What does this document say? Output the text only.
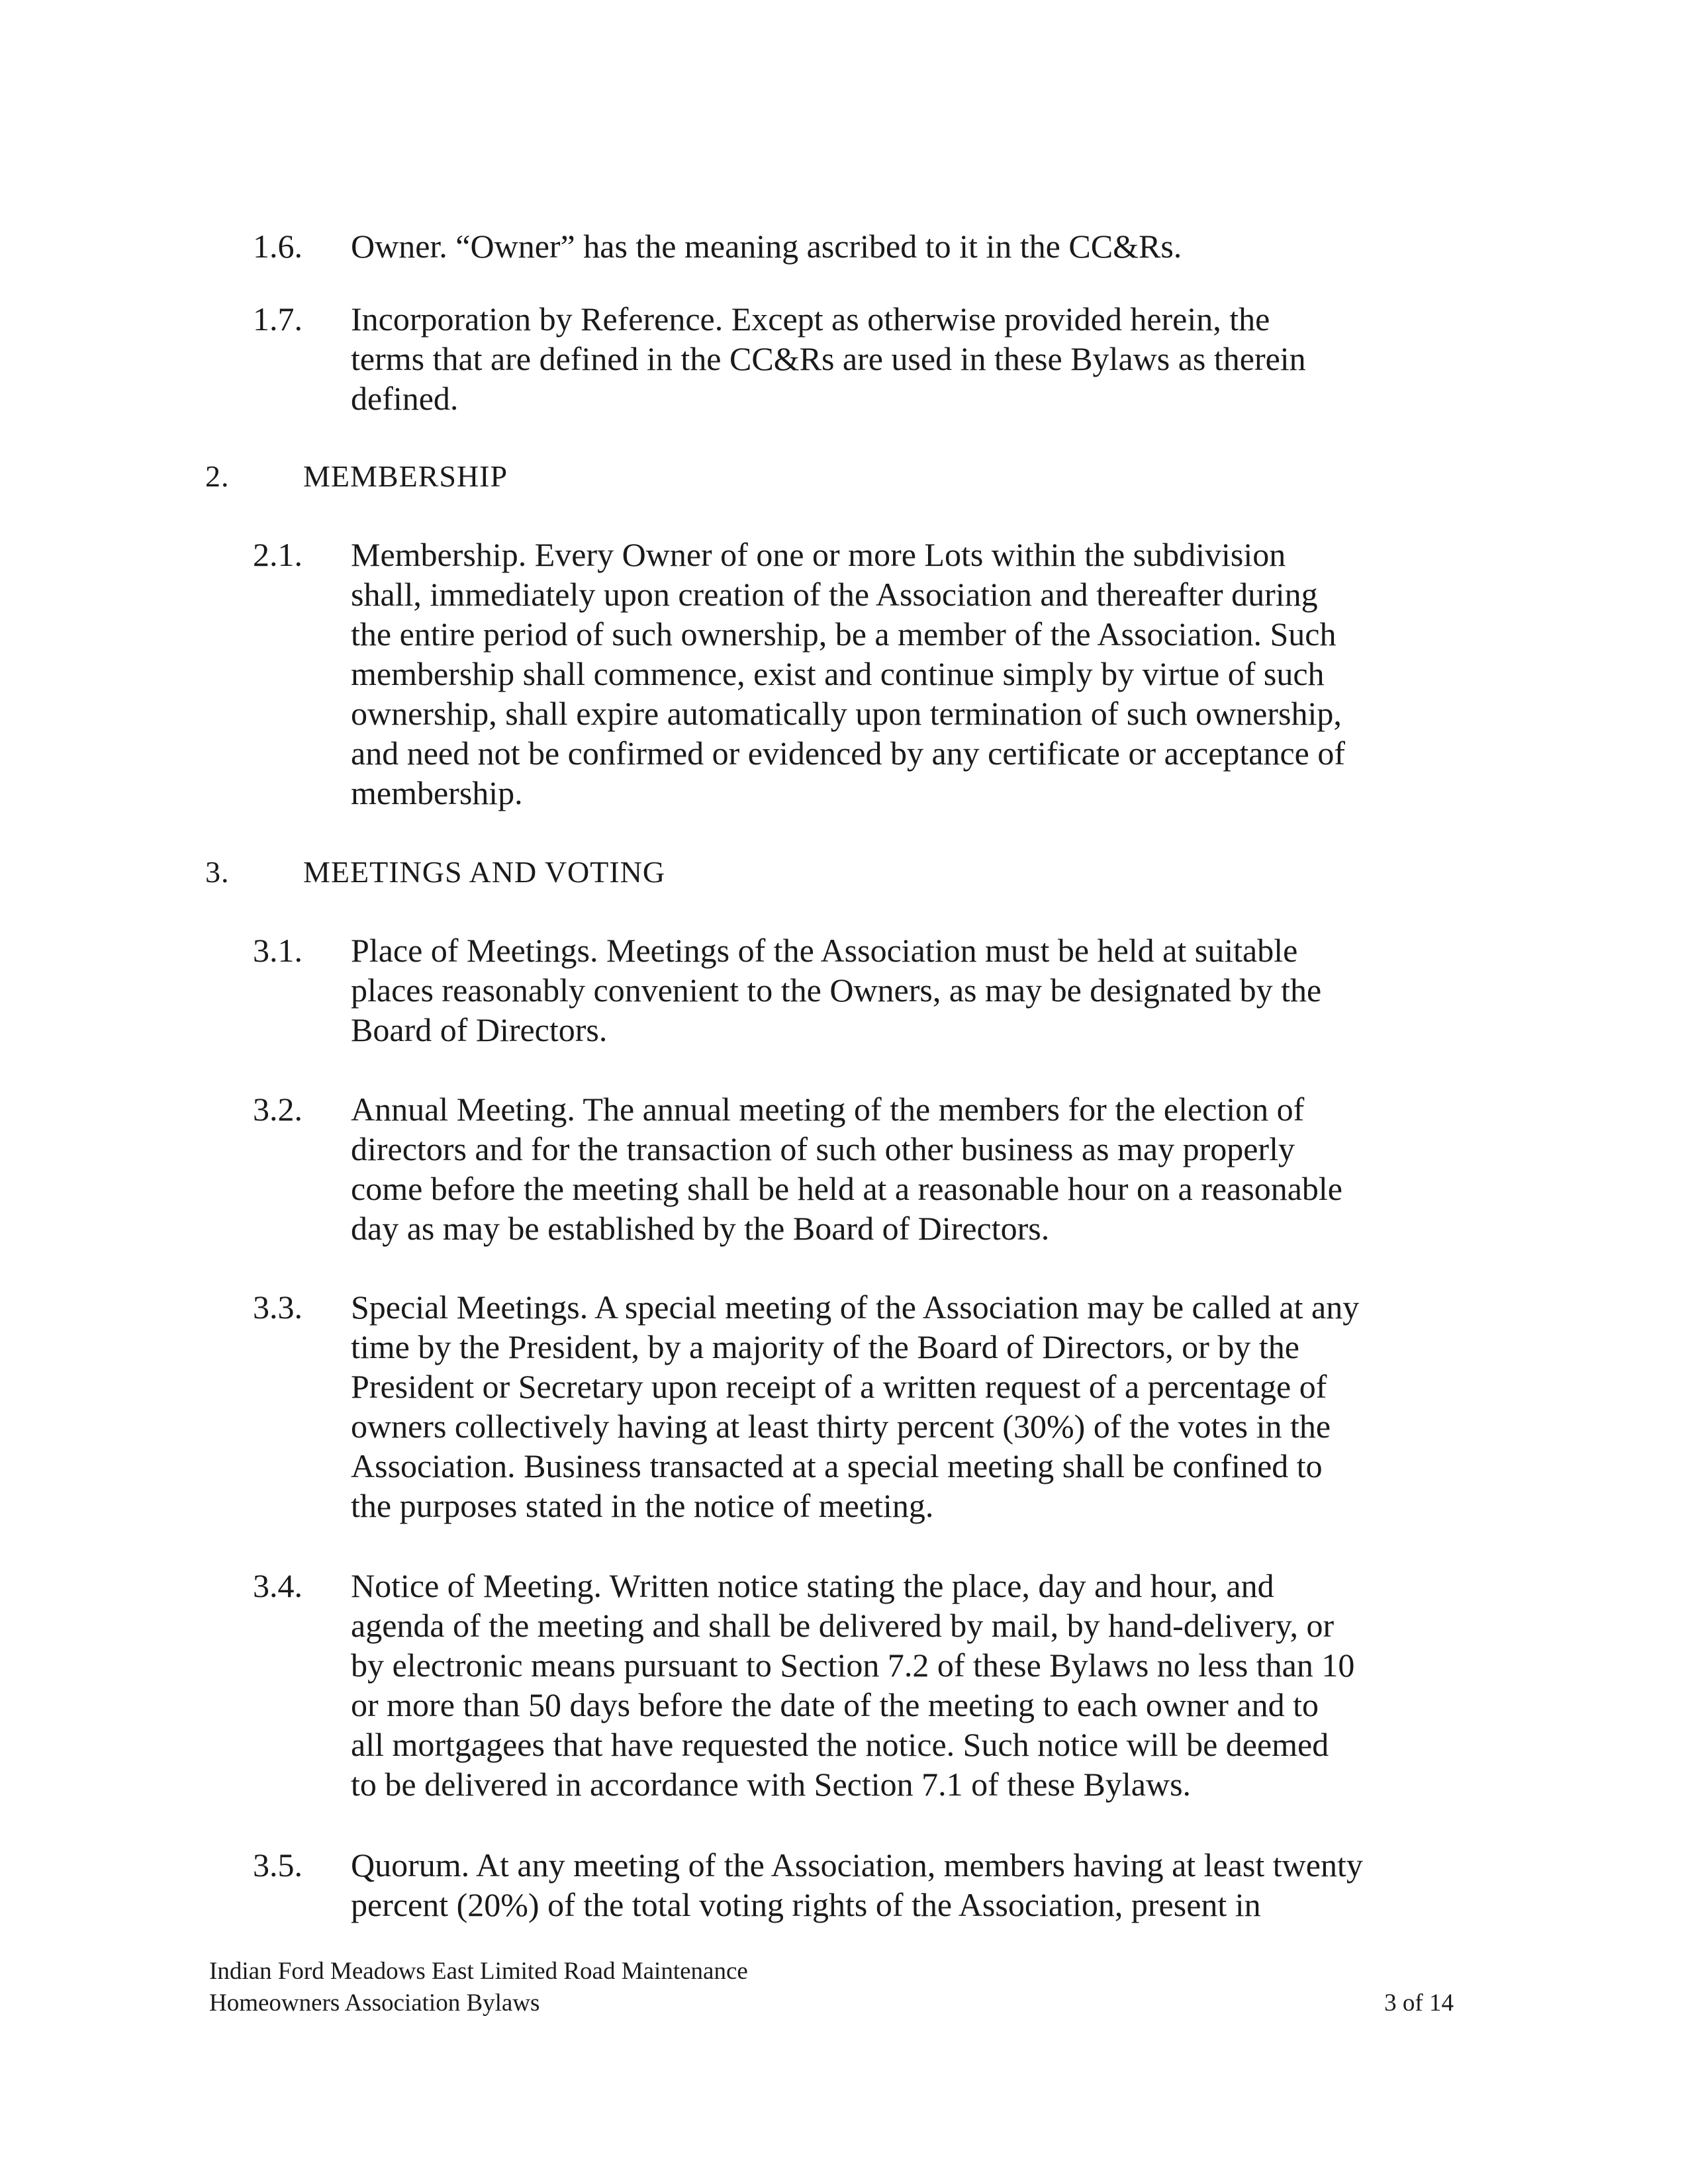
1.6. Owner. “Owner” has the meaning ascribed to it in the CC&Rs.

1.7. Incorporation by Reference. Except as otherwise provided herein, the

terms that are defined in the CC&Rs are used in these Bylaws as therein

defined.

2. MEMBERSHIP
2.1. Membership. Every Owner of one or more Lots within the subdivision

shall, immediately upon creation of the Association and thereafter during

the entire period of such ownership, be a member of the Association. Such

membership shall commence, exist and continue simply by virtue of such

ownership, shall expire automatically upon termination of such ownership,

and need not be confirmed or evidenced by any certificate or acceptance of

membership.

3. MEETINGS AND VOTING
3.1. Place of Meetings. Meetings of the Association must be held at suitable

places reasonably convenient to the Owners, as may be designated by the

Board of Directors.

3.2. Annual Meeting. The annual meeting of the members for the election of

directors and for the transaction of such other business as may properly

come before the meeting shall be held at a reasonable hour on a reasonable

day as may be established by the Board of Directors.

3.3. Special Meetings. A special meeting of the Association may be called at any

time by the President, by a majority of the Board of Directors, or by the

President or Secretary upon receipt of a written request of a percentage of

owners collectively having at least thirty percent (30%) of the votes in the

Association. Business transacted at a special meeting shall be confined to

the purposes stated in the notice of meeting.

3.4. Notice of Meeting. Written notice stating the place, day and hour, and

agenda of the meeting and shall be delivered by mail, by hand-delivery, or

by electronic means pursuant to Section 7.2 of these Bylaws no less than 10

or more than 50 days before the date of the meeting to each owner and to

all mortgagees that have requested the notice. Such notice will be deemed

to be delivered in accordance with Section 7.1 of these Bylaws.

3.5. Quorum. At any meeting of the Association, members having at least twenty

percent (20%) of the total voting rights of the Association, present in

Indian Ford Meadows East Limited Road Maintenance
Homeowners Association Bylaws	3 of 14
